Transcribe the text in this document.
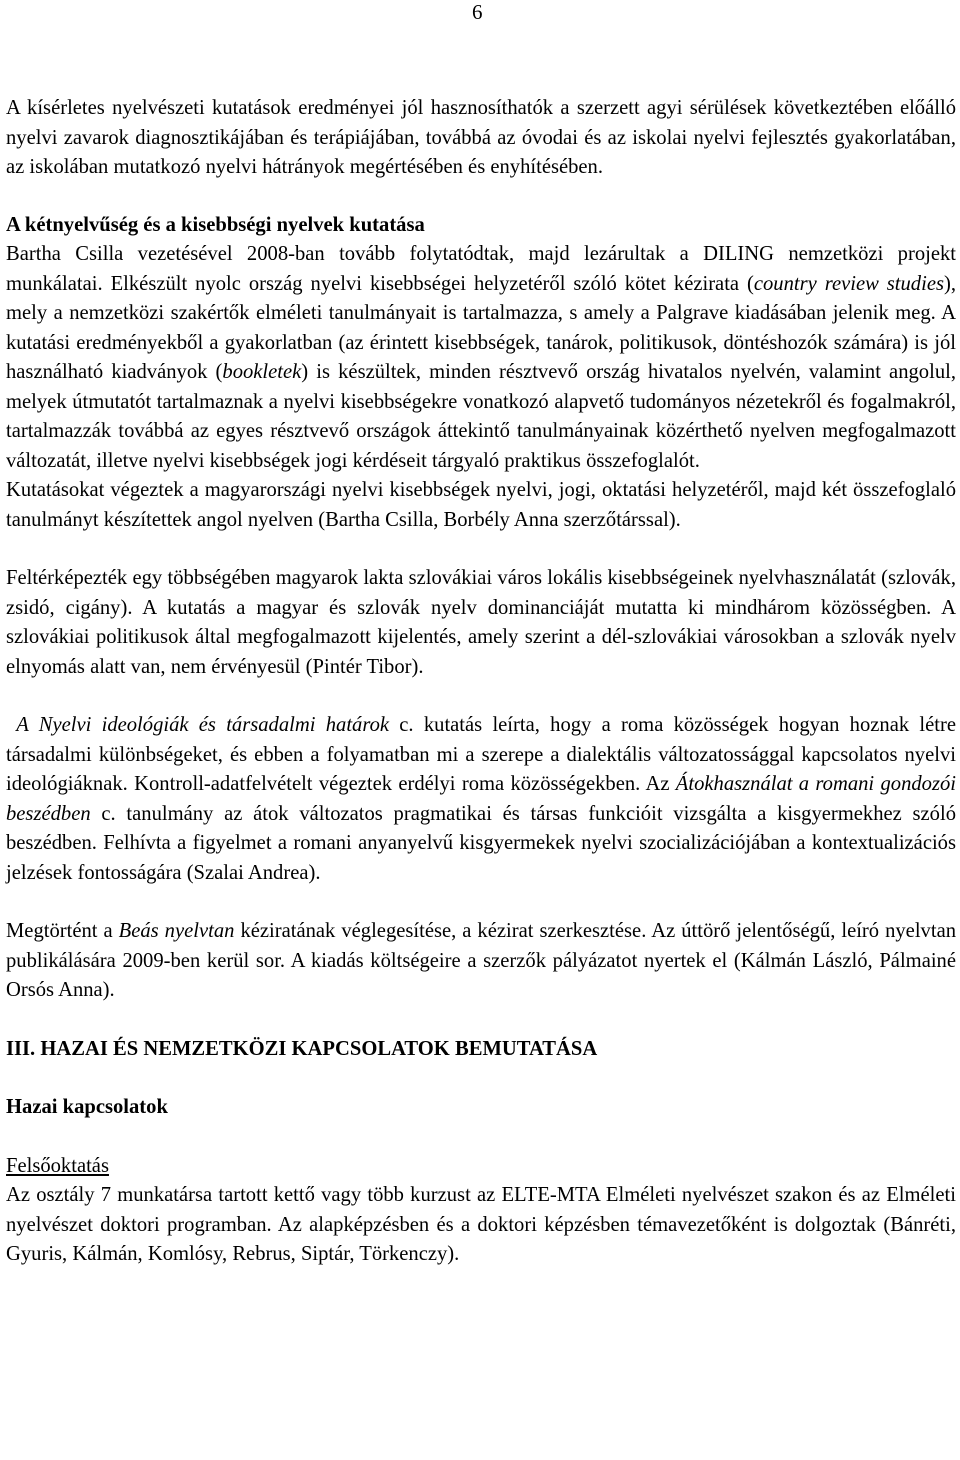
6

A kísérletes nyelvészeti kutatások eredményei jól hasznosíthatók a szerzett agyi sérülések következtében előálló nyelvi zavarok diagnosztikájában és terápiájában, továbbá az óvodai és az iskolai nyelvi fejlesztés gyakorlatában, az iskolában mutatkozó nyelvi hátrányok megértésében és enyhítésében.

A kétnyelvűség és a kisebbségi nyelvek kutatása

Bartha Csilla vezetésével 2008-ban tovább folytatódtak, majd lezárultak a DILING nemzetközi projekt munkálatai. Elkészült nyolc ország nyelvi kisebbségei helyzetéről szóló kötet kézirata (country review studies), mely a nemzetközi szakértők elméleti tanulmányait is tartalmazza, s amely a Palgrave kiadásában jelenik meg. A kutatási eredményekből a gyakorlatban (az érintett kisebbségek, tanárok, politikusok, döntéshozók számára) is jól használható kiadványok (bookletek) is készültek, minden résztvevő ország hivatalos nyelvén, valamint angolul, melyek útmutatót tartalmaznak a nyelvi kisebbségekre vonatkozó alapvető tudományos nézetekről és fogalmakról, tartalmazzák továbbá az egyes résztvevő országok áttekintő tanulmányainak közérthető nyelven megfogalmazott változatát, illetve nyelvi kisebbségek jogi kérdéseit tárgyaló praktikus összefoglalót.

Kutatásokat végeztek a magyarországi nyelvi kisebbségek nyelvi, jogi, oktatási helyzetéről, majd két összefoglaló tanulmányt készítettek angol nyelven (Bartha Csilla, Borbély Anna szerzőtárssal).

Feltérképezték egy többségében magyarok lakta szlovákiai város lokális kisebbségeinek nyelvhasználatát (szlovák, zsidó, cigány). A kutatás a magyar és szlovák nyelv dominanciáját mutatta ki mindhárom közösségben. A szlovákiai politikusok által megfogalmazott kijelentés, amely szerint a dél-szlovákiai városokban a szlovák nyelv elnyomás alatt van, nem érvényesül (Pintér Tibor).

A Nyelvi ideológiák és társadalmi határok c. kutatás leírta, hogy a roma közösségek hogyan hoznak létre társadalmi különbségeket, és ebben a folyamatban mi a szerepe a dialektális változatossággal kapcsolatos nyelvi ideológiáknak. Kontroll-adatfelvételt végeztek erdélyi roma közösségekben. Az Átokhasználat a romani gondozói beszédben c. tanulmány az átok változatos pragmatikai és társas funkcióit vizsgálta a kisgyermekhez szóló beszédben. Felhívta a figyelmet a romani anyanyelvű kisgyermekek nyelvi szocializációjában a kontextualizációs jelzések fontosságára (Szalai Andrea).

Megtörtént a Beás nyelvtan kéziratának véglegesítése, a kézirat szerkesztése. Az úttörő jelentőségű, leíró nyelvtan publikálására 2009-ben kerül sor. A kiadás költségeire a szerzők pályázatot nyertek el (Kálmán László, Pálmainé Orsós Anna).

III. HAZAI ÉS NEMZETKÖZI KAPCSOLATOK BEMUTATÁSA

Hazai kapcsolatok

Felsőoktatás

Az osztály 7 munkatársa tartott kettő vagy több kurzust az ELTE-MTA Elméleti nyelvészet szakon és az Elméleti nyelvészet doktori programban. Az alapképzésben és a doktori képzésben témavezetőként is dolgoztak (Bánréti, Gyuris, Kálmán, Komlósy, Rebrus, Siptár, Törkenczy).
